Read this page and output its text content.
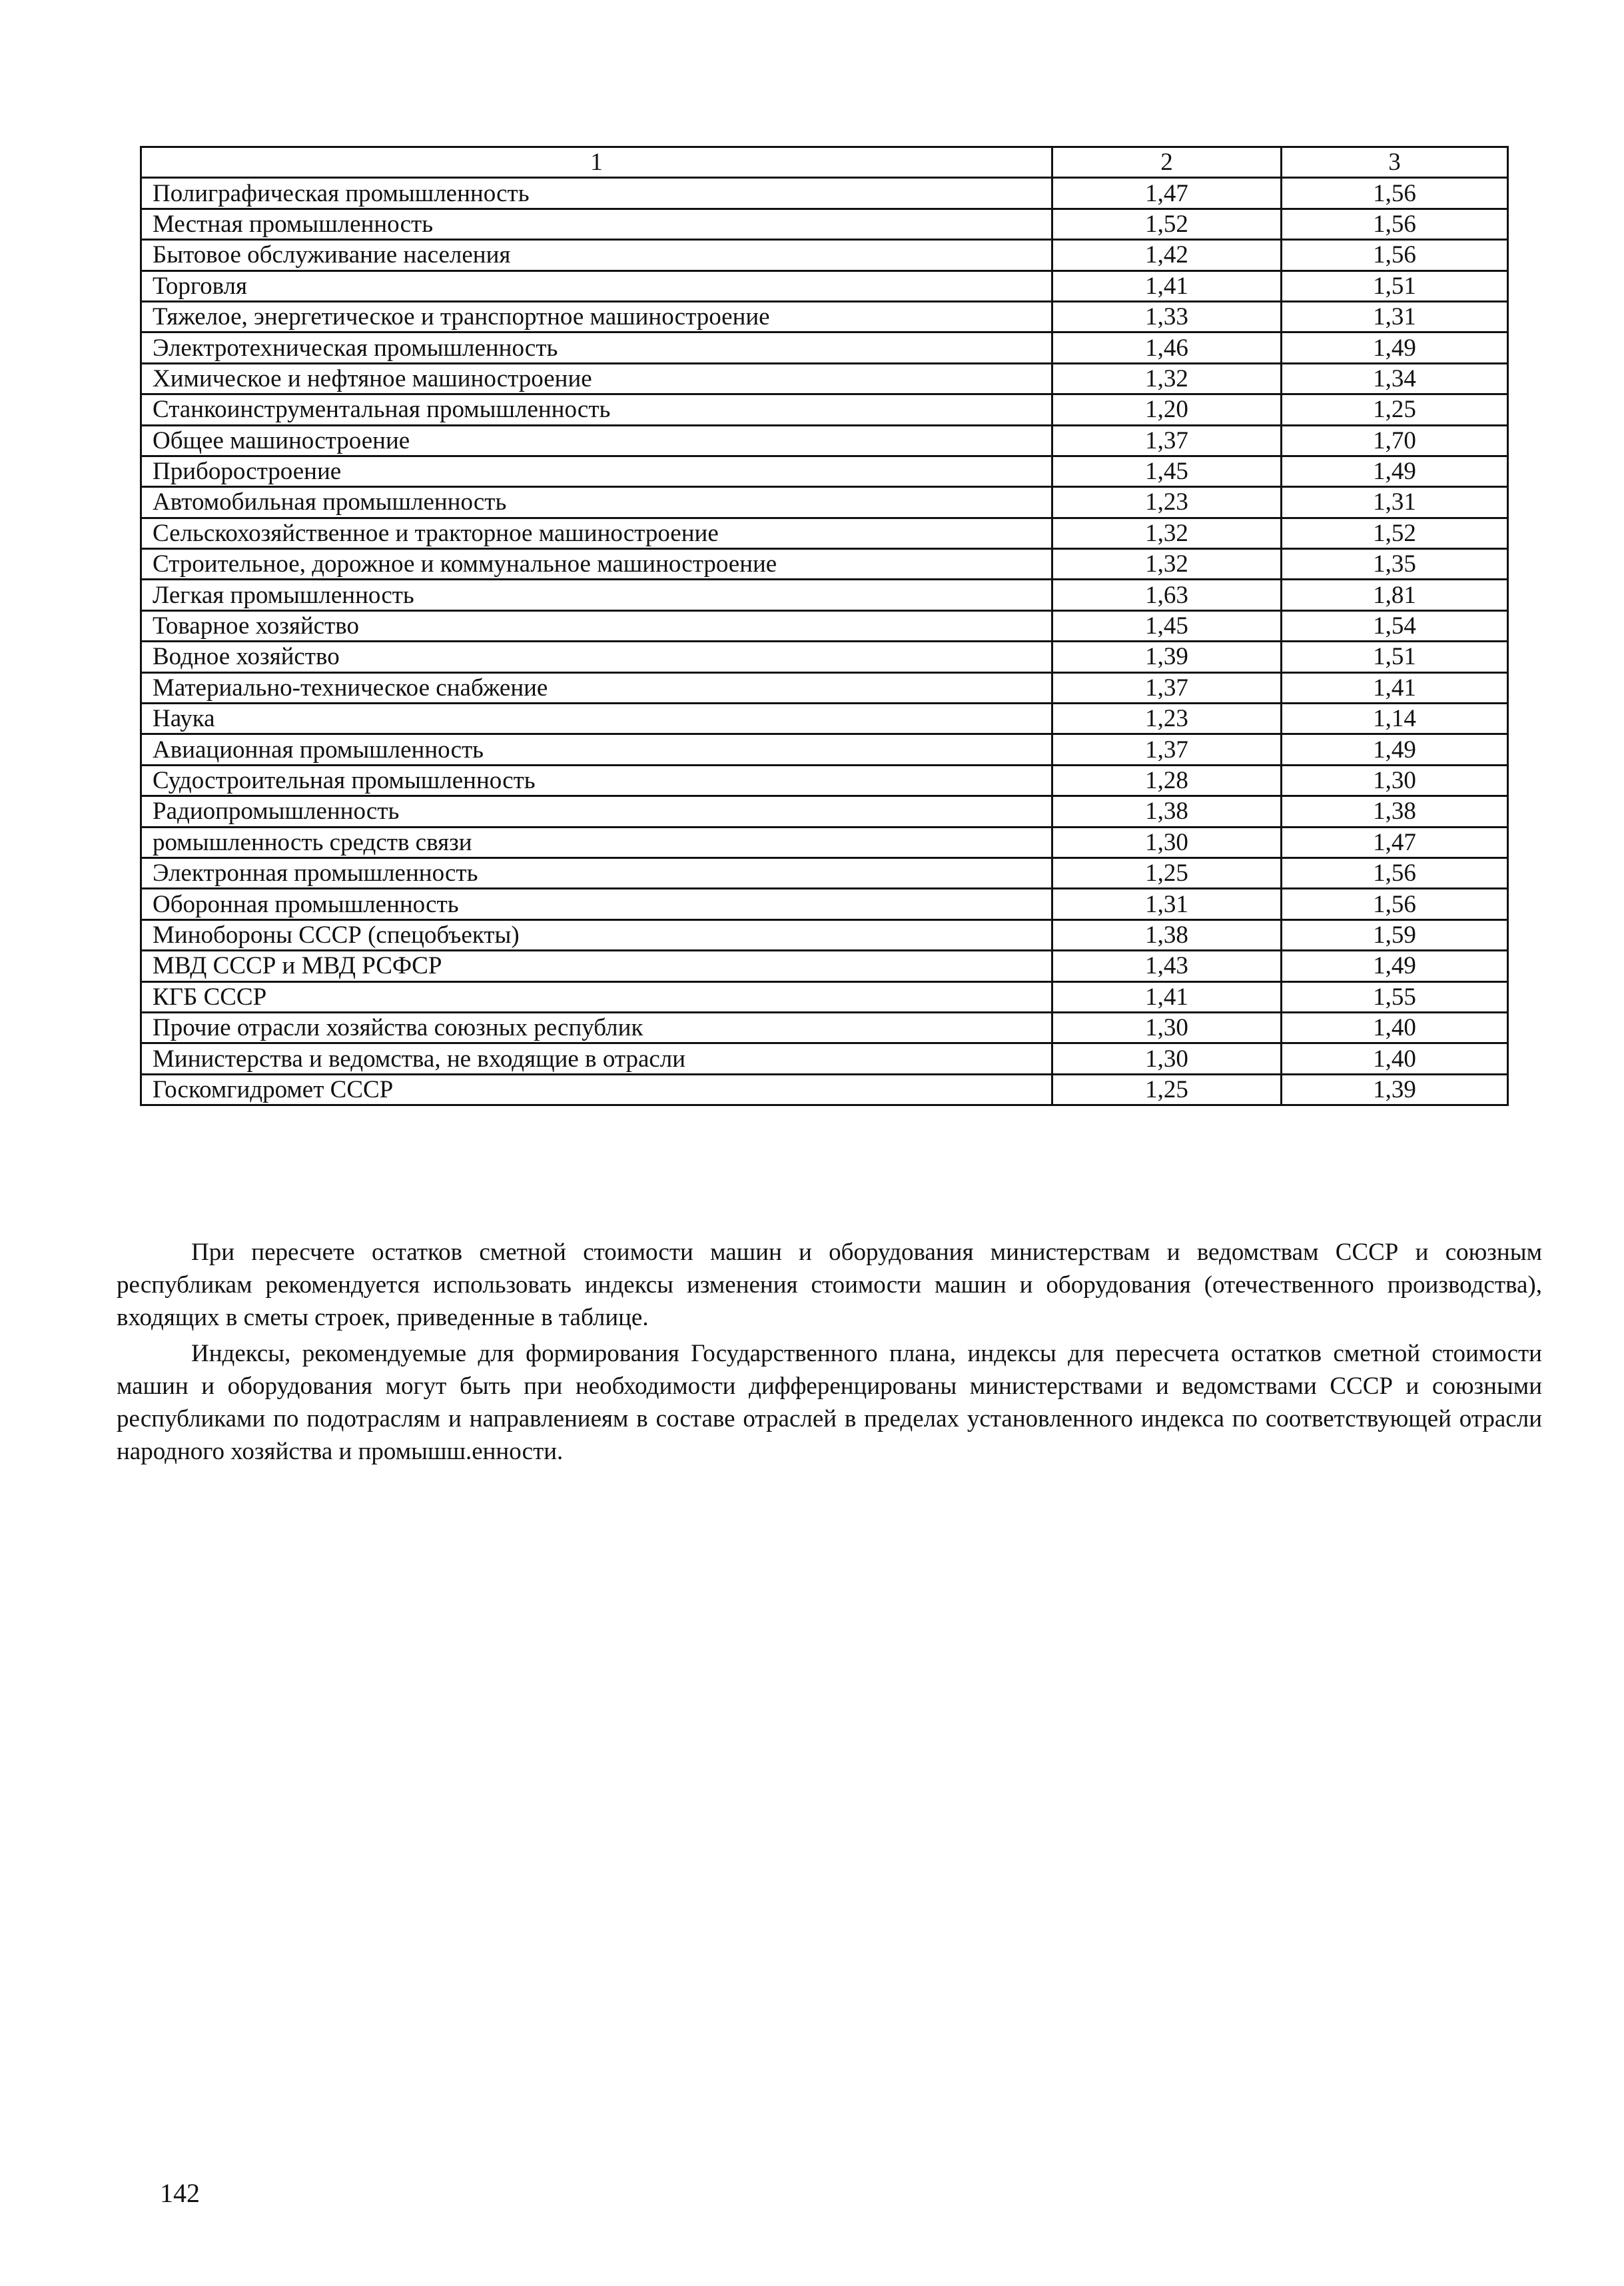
1	2	3
Полиграфическая промышленность	1,47	1,56
Местная промышленность	1,52	1,56
Бытовое обслуживание населения	1,42	1,56
Торговля	1,41	1,51
Тяжелое, энергетическое и транспортное машиностроение	1,33	1,31
Электротехническая промышленность	1,46	1,49
Химическое и нефтяное машиностроение	1,32	1,34
Станкоинструментальная промышленность	1,20	1,25
Общее машиностроение	1,37	1,70
Приборостроение	1,45	1,49
Автомобильная промышленность	1,23	1,31
Сельскохозяйственное и тракторное машиностроение	1,32	1,52
Строительное, дорожное и коммунальное машиностроение	1,32	1,35
Легкая промышленность	1,63	1,81
Товарное хозяйство	1,45	1,54
Водное хозяйство	1,39	1,51
Материально-техническое снабжение	1,37	1,41
Наука	1,23	1,14
Авиационная промышленность	1,37	1,49
Судостроительная промышленность	1,28	1,30
Радиопромышленность	1,38	1,38
ромышленность средств связи	1,30	1,47
Электронная промышленность	1,25	1,56
Оборонная промышленность	1,31	1,56
Минобороны СССР (спецобъекты)	1,38	1,59
МВД СССР и МВД РСФСР	1,43	1,49
КГБ СССР	1,41	1,55
Прочие отрасли хозяйства союзных республик	1,30	1,40
Министерства и ведомства, не входящие в отрасли	1,30	1,40
Госкомгидромет СССР	1,25	1,39

При пересчете остатков сметной стоимости машин и оборудования министерствам и ведомствам СССР и союзным республикам рекомендуется использовать индексы изменения стоимости машин и оборудования (отечественного производства), входящих в сметы строек, приведенные в таблице.

Индексы, рекомендуемые для формирования Государственного плана, индексы для пересчета остатков сметной стоимости машин и оборудования могут быть при необходимости дифференцированы министерствами и ведомствами СССР и союзными республиками по подотраслям и направлениеям в составе отраслей в пределах установленного индекса по соответствующей отрасли народного хозяйства и промышш.енности.

142
